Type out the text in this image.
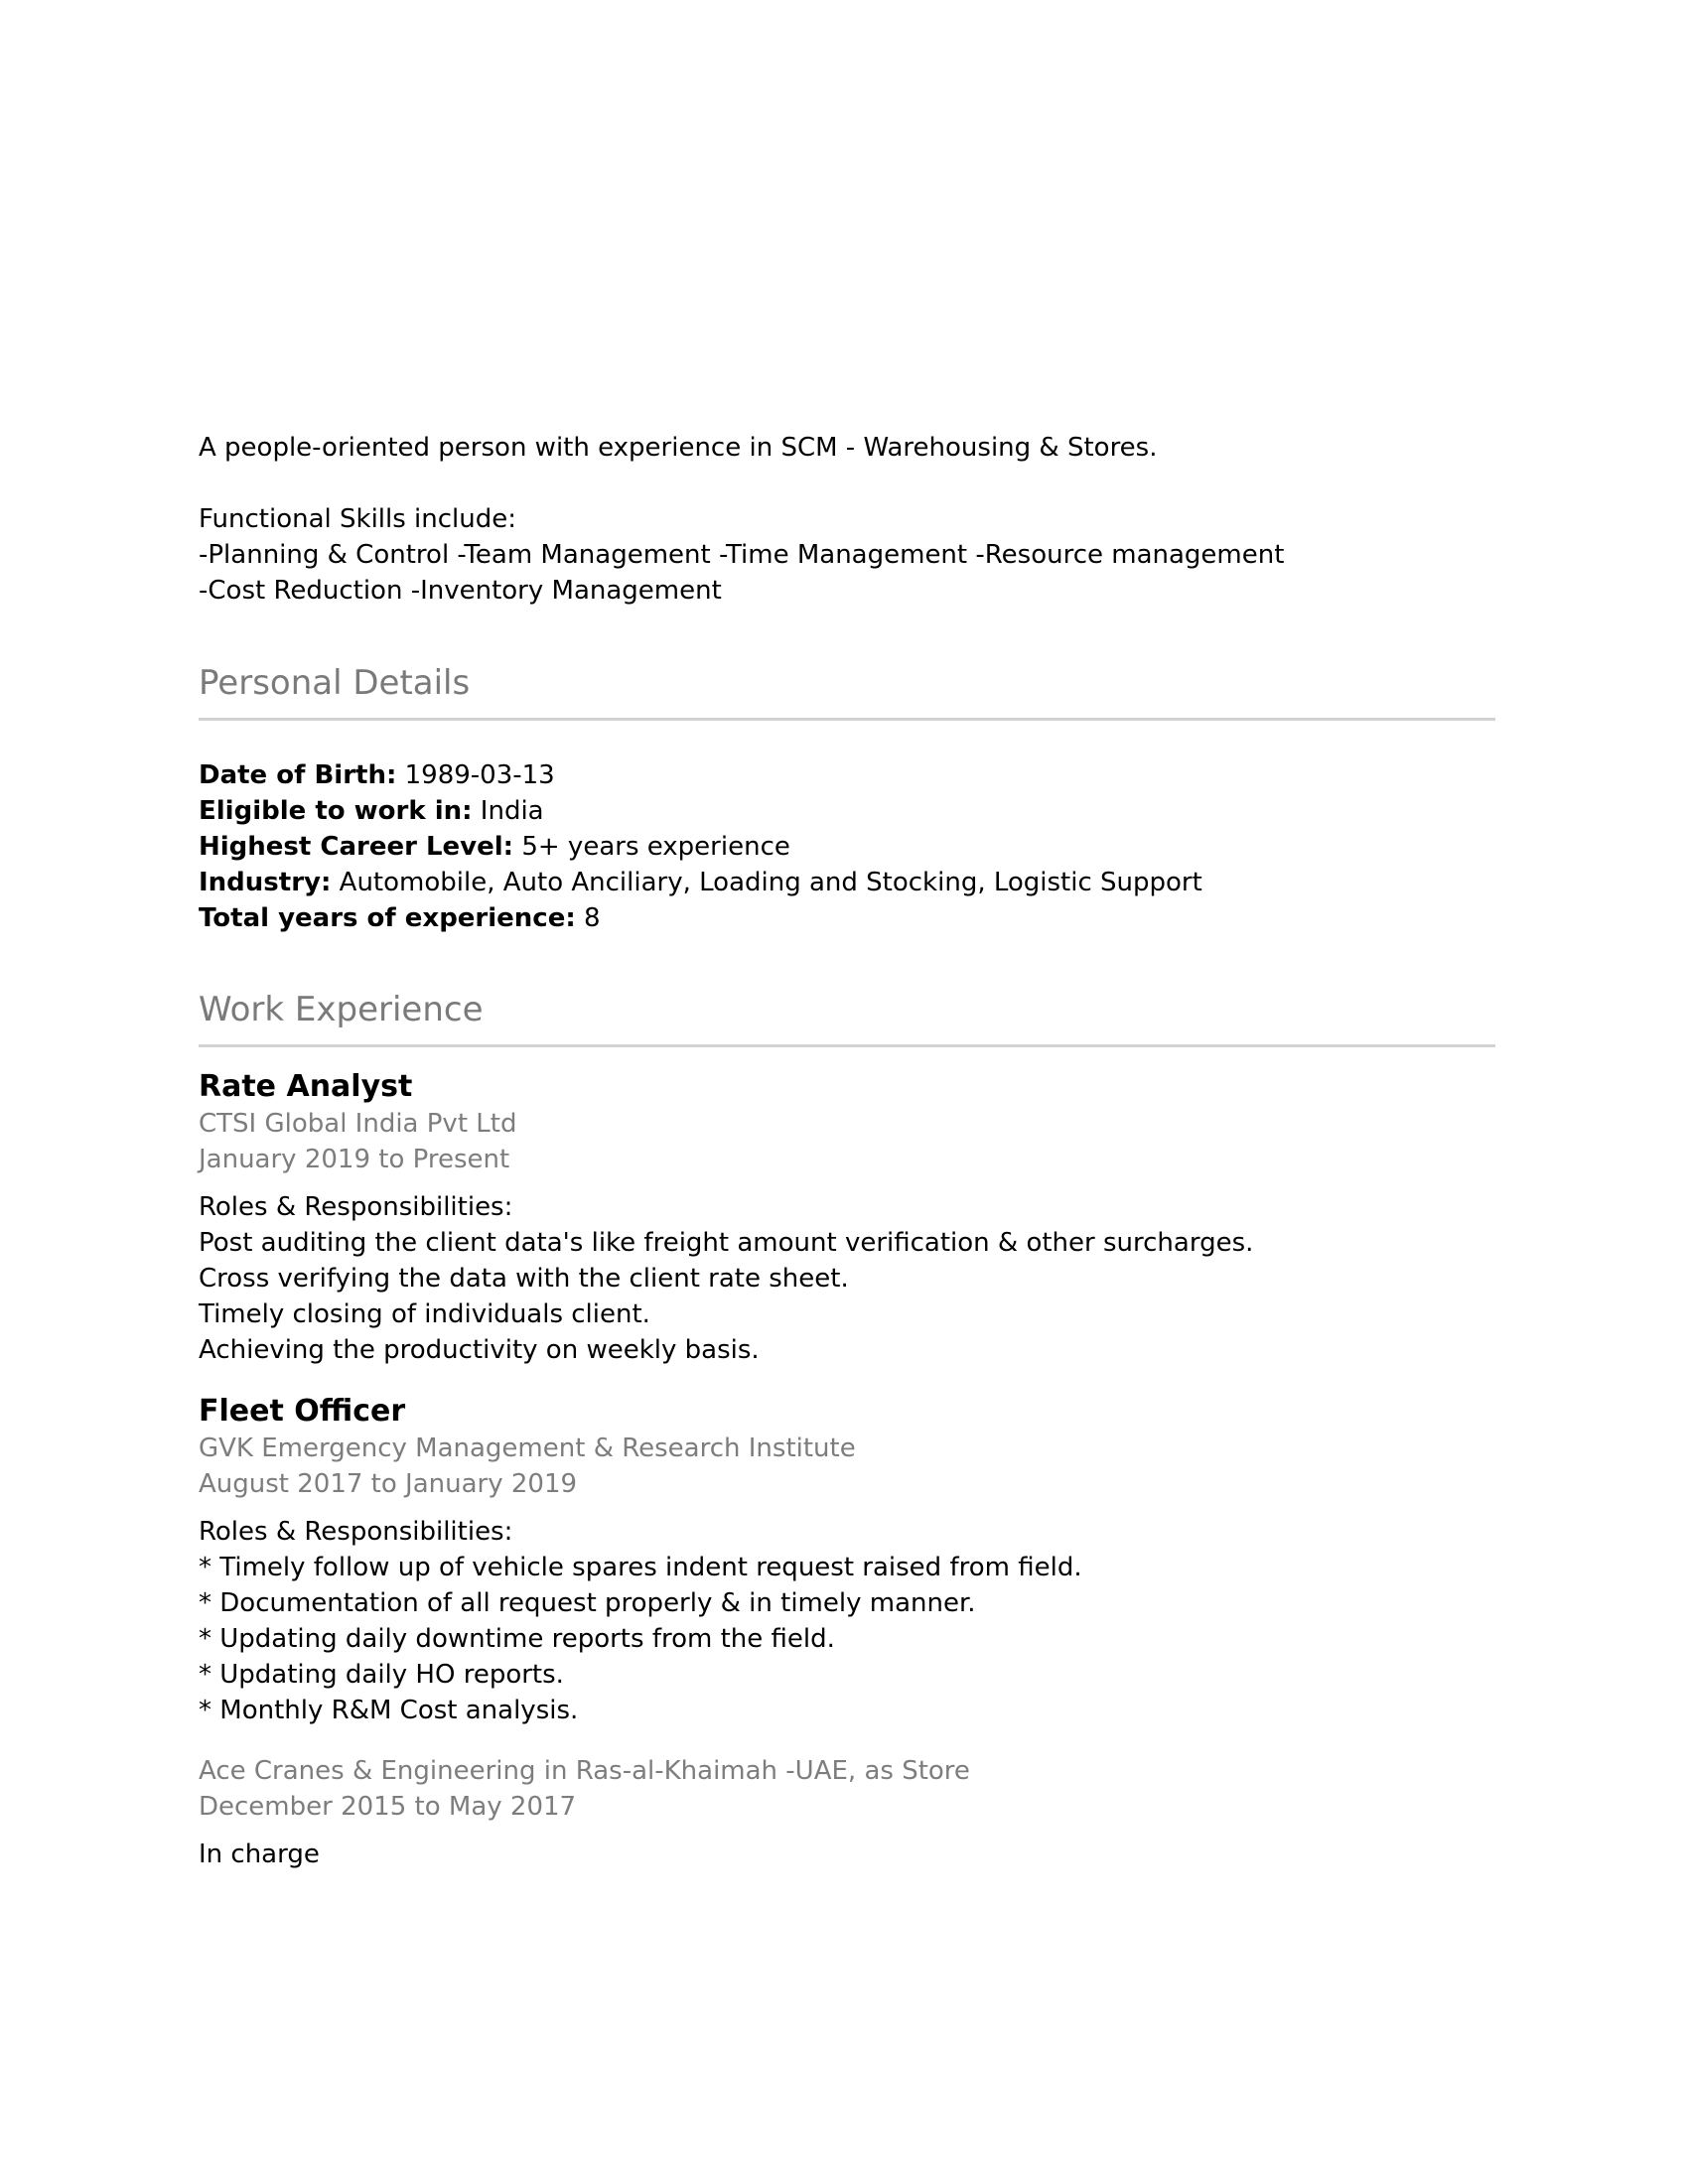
A people-oriented person with experience in SCM - Warehousing & Stores.
Functional Skills include:
-Planning & Control -Team Management -Time Management -Resource management
-Cost Reduction -Inventory Management
Personal Details
Date of Birth: 1989-03-13
Eligible to work in: India
Highest Career Level: 5+ years experience
Industry: Automobile, Auto Anciliary, Loading and Stocking, Logistic Support
Total years of experience: 8
Work Experience
Rate Analyst
CTSI Global India Pvt Ltd
January 2019 to Present
Roles & Responsibilities:
Post auditing the client data's like freight amount verification & other surcharges.
Cross verifying the data with the client rate sheet.
Timely closing of individuals client.
Achieving the productivity on weekly basis.
Fleet Officer
GVK Emergency Management & Research Institute
August 2017 to January 2019
Roles & Responsibilities:
* Timely follow up of vehicle spares indent request raised from field.
* Documentation of all request properly & in timely manner.
* Updating daily downtime reports from the field.
* Updating daily HO reports.
* Monthly R&M Cost analysis.
Ace Cranes & Engineering in Ras-al-Khaimah -UAE, as Store
December 2015 to May 2017
In charge
